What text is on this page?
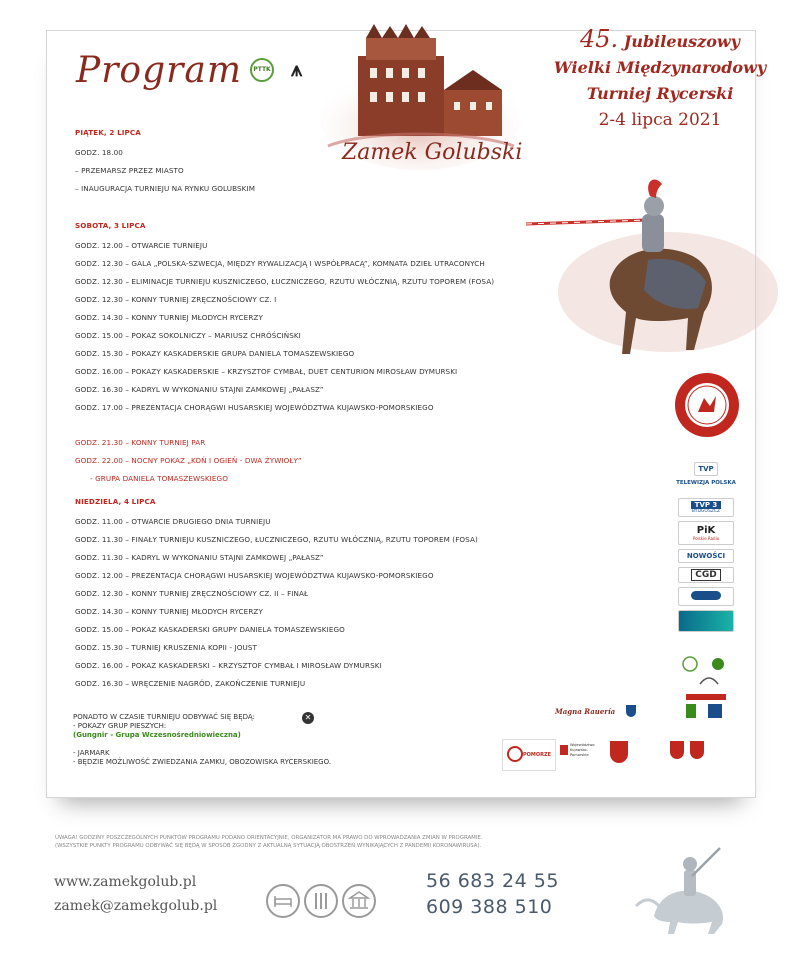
Program	PTTK ⩚
Zamek Golubski
45. Jubileuszowy
Wielki Międzynarodowy
Turniej Rycerski
2-4 lipca 2021
PIĄTEK, 2 LIPCA
GODZ. 18.00
– PRZEMARSZ PRZEZ MIASTO
– INAUGURACJA TURNIEJU NA RYNKU GOLUBSKIM
SOBOTA, 3 LIPCA
GODZ. 12.00 – OTWARCIE TURNIEJU
GODZ. 12.30 – GALA „POLSKA-SZWECJA, MIĘDZY RYWALIZACJĄ I WSPÓŁPRACĄ”, KOMNATA DZIEŁ UTRACONYCH
GODZ. 12.30 – ELIMINACJE TURNIEJU KUSZNICZEGO, ŁUCZNICZEGO, RZUTU WŁÓCZNIĄ, RZUTU TOPOREM (FOSA)
GODZ. 12.30 – KONNY TURNIEJ ZRĘCZNOŚCIOWY CZ. I
GODZ. 14.30 – KONNY TURNIEJ MŁODYCH RYCERZY
GODZ. 15.00 – POKAZ SOKOLNICZY – MARIUSZ CHRÓŚCIŃSKI
GODZ. 15.30 – POKAZY KASKADERSKIE GRUPA DANIELA TOMASZEWSKIEGO
GODZ. 16.00 – POKAZY KASKADERSKIE – KRZYSZTOF CYMBAŁ, DUET CENTURION MIROSŁAW DYMURSKI
GODZ. 16.30 – KADRYL W WYKONANIU STAJNI ZAMKOWEJ „PAŁASZ”
GODZ. 17.00 – PREZENTACJA CHORĄGWI HUSARSKIEJ WOJEWÓDZTWA KUJAWSKO-POMORSKIEGO
GODZ. 21.30 – KONNY TURNIEJ PAR
GODZ. 22.00 – NOCNY POKAZ „KOŃ I OGIEŃ - DWA ŻYWIOŁY”
- GRUPA DANIELA TOMASZEWSKIEGO
NIEDZIELA, 4 LIPCA
GODZ. 11.00 – OTWARCIE DRUGIEGO DNIA TURNIEJU
GODZ. 11.30 – FINAŁY TURNIEJU KUSZNICZEGO, ŁUCZNICZEGO, RZUTU WŁÓCZNIĄ, RZUTU TOPOREM (FOSA)
GODZ. 11.30 – KADRYL W WYKONANIU STAJNI ZAMKOWEJ „PAŁASZ”
GODZ. 12.00 – PREZENTACJA CHORĄGWI HUSARSKIEJ WOJEWÓDZTWA KUJAWSKO-POMORSKIEGO
GODZ. 12.30 – KONNY TURNIEJ ZRĘCZNOŚCIOWY CZ. II – FINAŁ
GODZ. 14.30 – KONNY TURNIEJ MŁODYCH RYCERZY
GODZ. 15.00 – POKAZ KASKADERSKI GRUPY DANIELA TOMASZEWSKIEGO
GODZ. 15.30 – TURNIEJ KRUSZENIA KOPII - JOUST
GODZ. 16.00 – POKAZ KASKADERSKI – KRZYSZTOF CYMBAŁ I MIROSŁAW DYMURSKI
GODZ. 16.30 – WRĘCZENIE NAGRÓD, ZAKOŃCZENIE TURNIEJU
PONADTO W CZASIE TURNIEJU ODBYWAĆ SIĘ BĘDĄ:
- POKAZY GRUP PIESZYCH:
(Gungnir - Grupa Wczesnośredniowieczna)
- JARMARK
- BĘDZIE MOŻLIWOŚĆ ZWIEDZANIA ZAMKU, OBOZOWISKA RYCERSKIEGO.
✕
TVP
TELEWIZJA POLSKA
TVP 3
BYDGOSZCZ
PiK
Polskie Radio
NOWOŚCI
CGD
Magna Rauería
POMORZE
Województwo Kujawsko-Pomorskie
UWAGA! GODZINY POSZCZEGÓLNYCH PUNKTÓW PROGRAMU PODANO ORIENTACYJNIE, ORGANIZATOR MA PRAWO DO WPROWADZANIA ZMIAN W PROGRAMIE.
(WSZYSTKIE PUNKTY PROGRAMU ODBYWAĆ SIĘ BĘDĄ W SPOSÓB ZGODNY Z AKTUALNĄ SYTUACJĄ OBOSTRZEŃ WYNIKAJĄCYCH Z PANDEMII KORONAWIRUSA).
www.zamekgolub.pl
zamek@zamekgolub.pl
56 683 24 55
609 388 510
